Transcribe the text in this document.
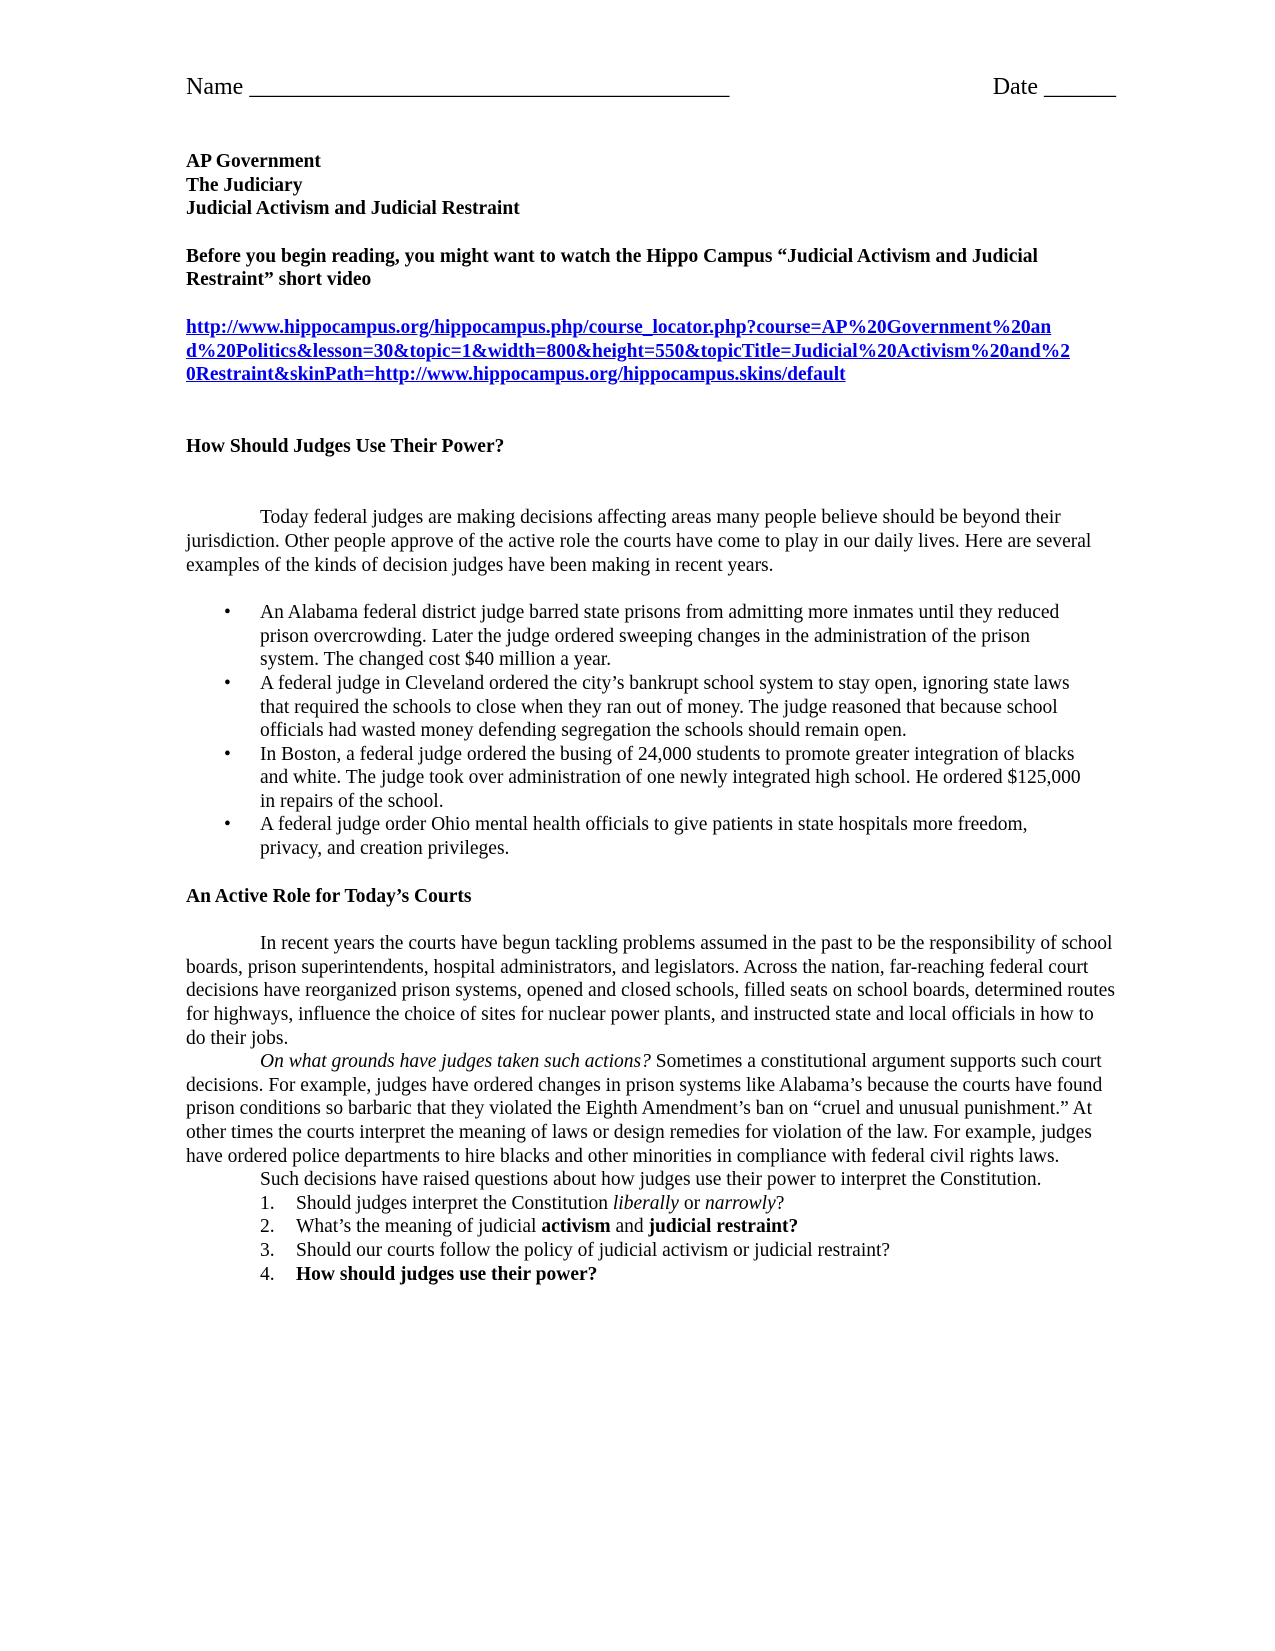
Name ________________________________________	Date ______
AP Government
The Judiciary
Judicial Activism and Judicial Restraint
Before you begin reading, you might want to watch the Hippo Campus “Judicial Activism and Judicial Restraint” short video
http://www.hippocampus.org/hippocampus.php/course_locator.php?course=AP%20Government%20and%20Politics&lesson=30&topic=1&width=800&height=550&topicTitle=Judicial%20Activism%20and%20Restraint&skinPath=http://www.hippocampus.org/hippocampus.skins/default
How Should Judges Use Their Power?

Today federal judges are making decisions affecting areas many people believe should be beyond their jurisdiction. Other people approve of the active role the courts have come to play in our daily lives. Here are several examples of the kinds of decision judges have been making in recent years.

• An Alabama federal district judge barred state prisons from admitting more inmates until they reduced prison overcrowding. Later the judge ordered sweeping changes in the administration of the prison system. The changed cost $40 million a year.
• A federal judge in Cleveland ordered the city’s bankrupt school system to stay open, ignoring state laws that required the schools to close when they ran out of money. The judge reasoned that because school officials had wasted money defending segregation the schools should remain open.
• In Boston, a federal judge ordered the busing of 24,000 students to promote greater integration of blacks and white. The judge took over administration of one newly integrated high school. He ordered $125,000 in repairs of the school.
• A federal judge order Ohio mental health officials to give patients in state hospitals more freedom, privacy, and creation privileges.
An Active Role for Today’s Courts

In recent years the courts have begun tackling problems assumed in the past to be the responsibility of school boards, prison superintendents, hospital administrators, and legislators. Across the nation, far-reaching federal court decisions have reorganized prison systems, opened and closed schools, filled seats on school boards, determined routes for highways, influence the choice of sites for nuclear power plants, and instructed state and local officials in how to do their jobs.

On what grounds have judges taken such actions? Sometimes a constitutional argument supports such court decisions. For example, judges have ordered changes in prison systems like Alabama’s because the courts have found prison conditions so barbaric that they violated the Eighth Amendment’s ban on “cruel and unusual punishment.” At other times the courts interpret the meaning of laws or design remedies for violation of the law. For example, judges have ordered police departments to hire blacks and other minorities in compliance with federal civil rights laws.

Such decisions have raised questions about how judges use their power to interpret the Constitution.

1. Should judges interpret the Constitution liberally or narrowly?
2. What’s the meaning of judicial activism and judicial restraint?
3. Should our courts follow the policy of judicial activism or judicial restraint?
4. How should judges use their power?
